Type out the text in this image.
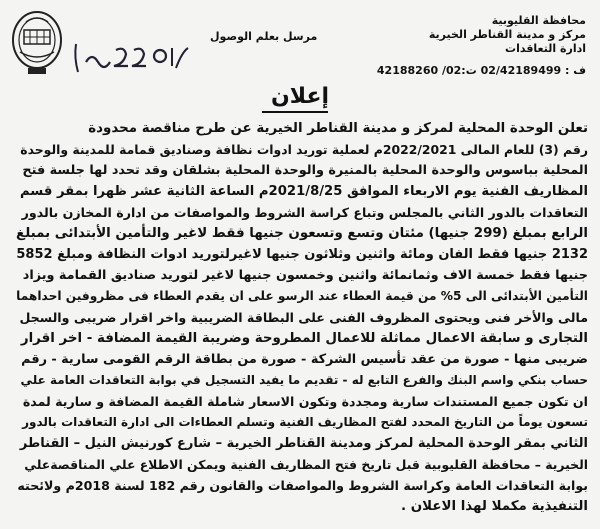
محافظة القليوبية
مركز و مدينة القناطر الخيرية
ادارة التعاقدات
مرسل بعلم الوصول
ف : 02/42189499 ت:02/ 42188260
إعلان
تعلن الوحدة المحلية لمركز و مدينة القناطر الخيرية عن طرح مناقصة محدودة
رقم (3) للعام المالى 2022/2021م لعملية توريد ادوات نظافة وصناديق قمامة للمدينة والوحدة
المحلية بباسوس والوحدة المحلية بالمنيرة والوحدة المحلية بشلقان وقد تحدد لها جلسة فتح
المظاريف الفنية يوم الاربعاء الموافق 2021/8/25م الساعة الثانية عشر ظهرا بمقر قسم
التعاقدات بالدور الثاني بالمجلس وتباع كراسة الشروط والمواصفات من ادارة المخازن بالدور
الرابع بمبلغ (299 جنيها) مئتان وتسع وتسعون جنيها فقط لاغير والتأمين الأبتدائى بمبلغ
2132 جنيها فقط الفان ومائة واثنين وثلاثون جنيها لاغيرلتوريد ادوات النظافة ومبلغ 5852
جنيها فقط خمسة الاف وثمانمائة واثنين وخمسون جنيها لاغير لتوريد صناديق القمامة ويزاد
التأمين الأبتدائى الى 5% من قيمة العطاء عند الرسو على ان يقدم العطاء فى مظروفين احداهما
مالى والأخر فنى ويحتوى المظروف الفنى على البطاقة الضريبية واخر اقرار ضريبى والسجل
التجارى و سابقة الاعمال مماثلة للاعمال المطروحة وضريبة القيمة المضافة - اخر اقرار
ضريبى منها - صورة من عقد تأسيس الشركة - صورة من بطاقة الرقم القومى سارية - رقم
حساب بنكي واسم البنك والفرع التابع له - تقديم ما يفيد التسجيل في بوابة التعاقدات العامة علي
ان تكون جميع المستندات سارية ومجددة وتكون الاسعار شاملة القيمة المضافة و سارية لمدة
تسعون يوماً من التاريخ المحدد لفتح المظاريف الفنية وتسلم العطاءات الى ادارة التعاقدات بالدور
الثاني بمقر الوحدة المحلية لمركز ومدينة القناطر الخيرية – شارع كورنيش النيل – القناطر
الخيرية – محافظة القليوبية قبل تاريخ فتح المظاريف الفنية ويمكن الاطلاع علي المناقصةعلي
بوابة التعاقدات العامة وكراسة الشروط والمواصفات والقانون رقم 182 لسنة 2018م ولائحته
التنفيذية مكملا لهذا الاعلان .
